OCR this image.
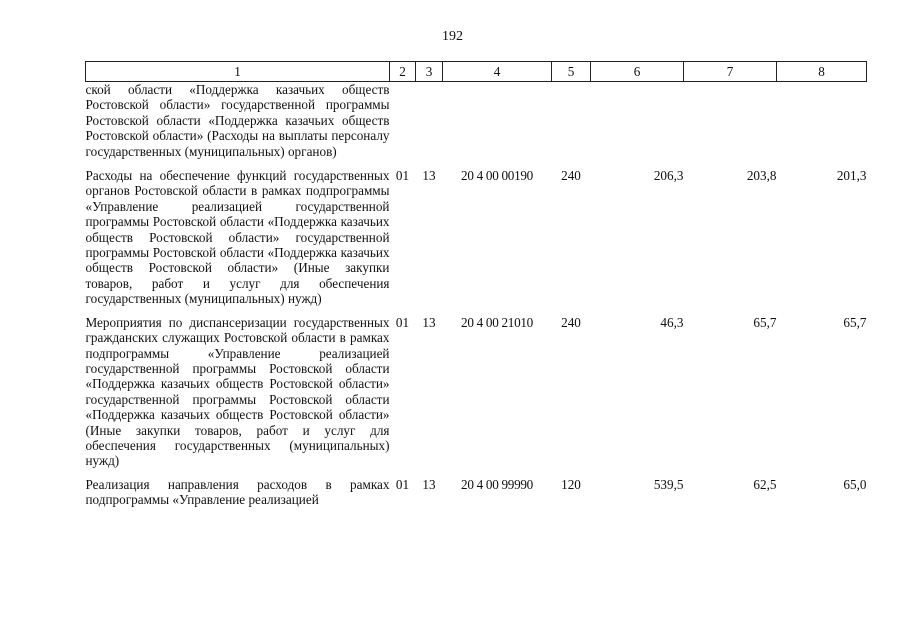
192
1	2	3	4	5	6	7	8
ской области «Поддержка казачьих обществ Ростовской области» государственной программы Ростовской области «Поддержка казачьих обществ Ростовской области» (Расходы на выплаты персоналу государственных (муниципальных) органов)							
Расходы на обеспечение функций государственных органов Ростовской области в рамках подпрограммы «Управление реализацией государственной программы Ростовской области «Поддержка казачьих обществ Ростовской области» государственной программы Ростовской области «Поддержка казачьих обществ Ростовской области» (Иные закупки товаров, работ и услуг для обеспечения государственных (муниципальных) нужд)	01	13	20 4 00 00190	240	206,3	203,8	201,3
Мероприятия по диспансеризации государственных гражданских служащих Ростовской области в рамках подпрограммы «Управление реализацией государственной программы Ростовской области «Поддержка казачьих обществ Ростовской области» государственной программы Ростовской области «Поддержка казачьих обществ Ростовской области» (Иные закупки товаров, работ и услуг для обеспечения государственных (муниципальных) нужд)	01	13	20 4 00 21010	240	46,3	65,7	65,7
Реализация направления расходов в рамках подпрограммы «Управление реализацией	01	13	20 4 00 99990	120	539,5	62,5	65,0
